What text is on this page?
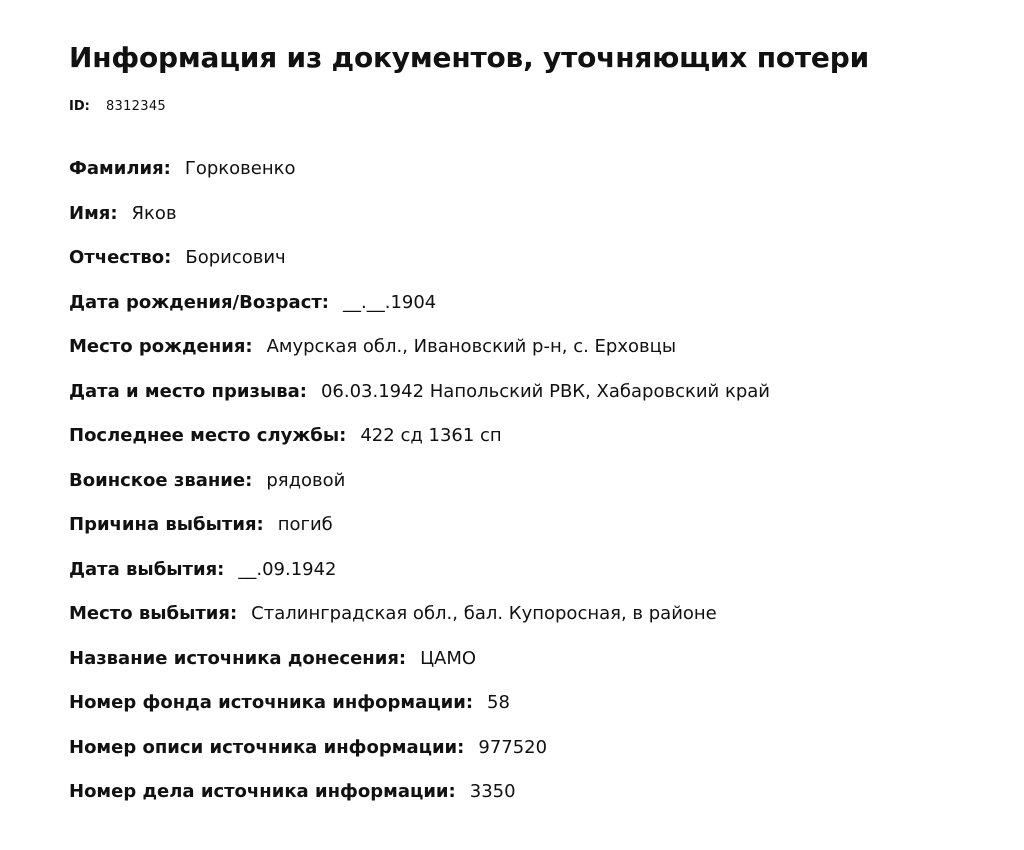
Информация из документов, уточняющих потери
ID: 8312345
Фамилия: Горковенко
Имя: Яков
Отчество: Борисович
Дата рождения/Возраст: __.__.1904
Место рождения: Амурская обл., Ивановский р-н, с. Ерховцы
Дата и место призыва: 06.03.1942 Напольский РВК, Хабаровский край
Последнее место службы: 422 сд 1361 сп
Воинское звание: рядовой
Причина выбытия: погиб
Дата выбытия: __.09.1942
Место выбытия: Сталинградская обл., бал. Купоросная, в районе
Название источника донесения: ЦАМО
Номер фонда источника информации: 58
Номер описи источника информации: 977520
Номер дела источника информации: 3350
